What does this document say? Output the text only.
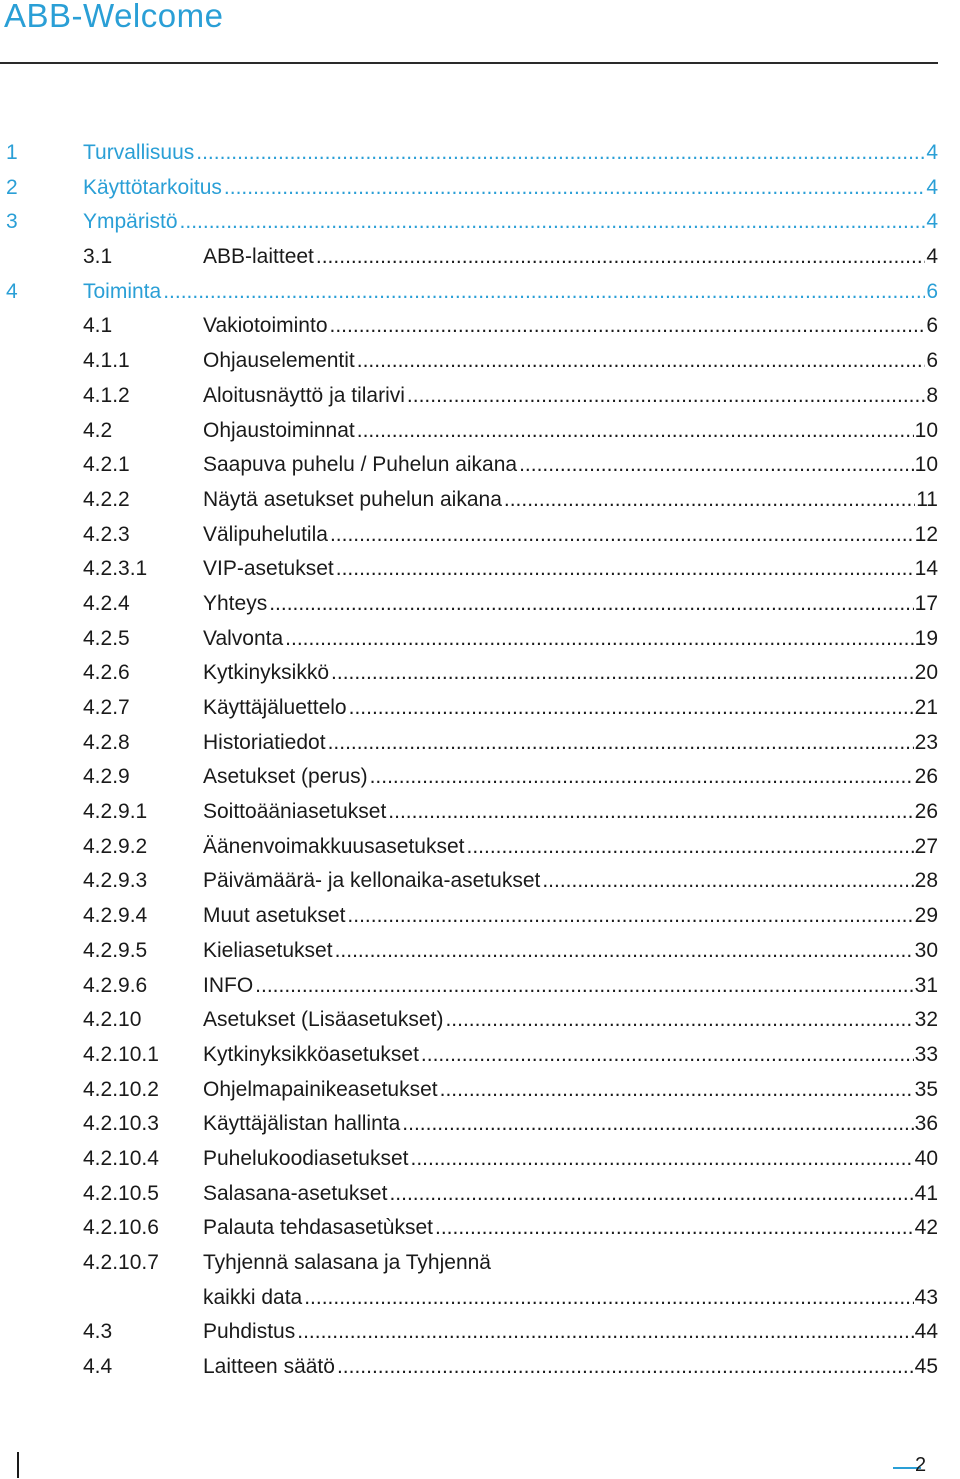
ABB-Welcome
1	Turvallisuus .....	4
2	Käyttötarkoitus .....	4
3	Ympäristö .....	4
3.1	ABB-laitteet .....	4
4	Toiminta .....	6
4.1	Vakiotoiminto .....	6
4.1.1	Ohjauselementit .....	6
4.1.2	Aloitusnäyttö ja tilarivi .....	8
4.2	Ohjaustoiminnat .....	10
4.2.1	Saapuva puhelu / Puhelun aikana .....	10
4.2.2	Näytä asetukset puhelun aikana .....	11
4.2.3	Välipuhelutila .....	12
4.2.3.1	VIP-asetukset .....	14
4.2.4	Yhteys .....	17
4.2.5	Valvonta .....	19
4.2.6	Kytkinyksikkö .....	20
4.2.7	Käyttäjäluettelo .....	21
4.2.8	Historiatiedot .....	23
4.2.9	Asetukset (perus) .....	26
4.2.9.1	Soittoääniasetukset .....	26
4.2.9.2	Äänenvoimakkuusasetukset .....	27
4.2.9.3	Päivämäärä- ja kellonaika-asetukset .....	28
4.2.9.4	Muut asetukset .....	29
4.2.9.5	Kieliasetukset .....	30
4.2.9.6	INFO .....	31
4.2.10	Asetukset (Lisäasetukset) .....	32
4.2.10.1 Kytkinyksikköasetukset .....	33
4.2.10.2 Ohjelmapainikeasetukset .....	35
4.2.10.3 Käyttäjälistan hallinta .....	36
4.2.10.4 Puhelukoodiasetukset .....	40
4.2.10.5 Salasana-asetukset .....	41
4.2.10.6 Palauta tehdasasetùkset .....	42
4.2.10.7 Tyhjennä salasana ja Tyhjennä
kaikki data .....	43
4.3	Puhdistus .....	44
4.4	Laitteen säätö .....	45
2
